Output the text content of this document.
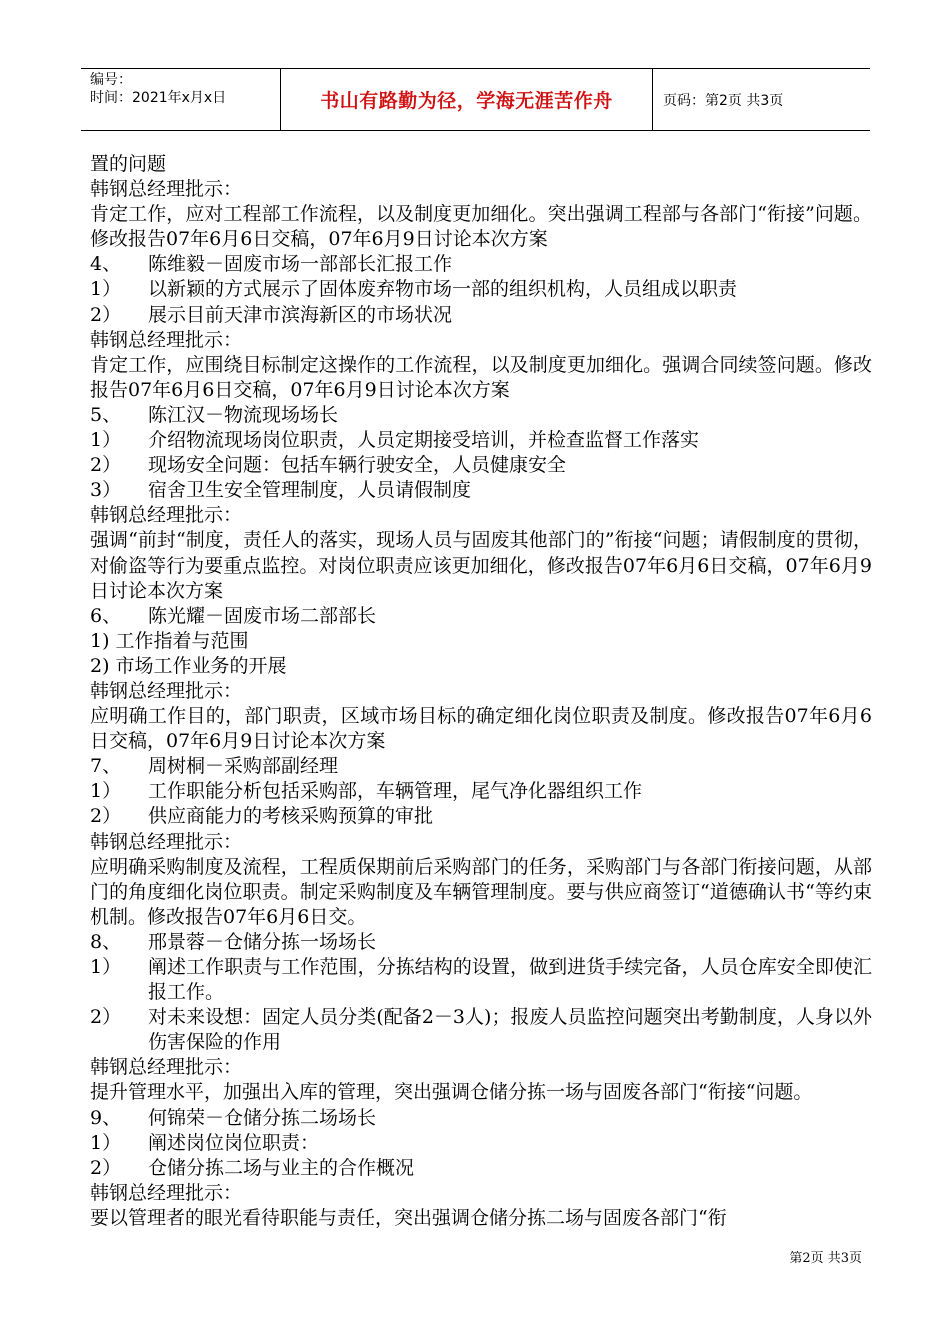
编号：
时间：2021年x月x日	书山有路勤为径，学海无涯苦作舟	页码：第2页 共3页
置的问题
韩钢总经理批示：
肯定工作，应对工程部工作流程，以及制度更加细化。突出强调工程部与各部门“衔接”问题。修改报告07年6月6日交稿，07年6月9日讨论本次方案
4、	陈维毅－固废市场一部部长汇报工作
1）	以新颖的方式展示了固体废弃物市场一部的组织机构，人员组成以职责
2）	展示目前天津市滨海新区的市场状况
韩钢总经理批示：
肯定工作，应围绕目标制定这操作的工作流程，以及制度更加细化。强调合同续签问题。修改报告07年6月6日交稿，07年6月9日讨论本次方案
5、	陈江汉－物流现场场长
1）	介绍物流现场岗位职责，人员定期接受培训，并检查监督工作落实
2）	现场安全问题：包括车辆行驶安全，人员健康安全
3）	宿舍卫生安全管理制度，人员请假制度
韩钢总经理批示：
强调“前封“制度，责任人的落实，现场人员与固废其他部门的”衔接“问题；请假制度的贯彻，对偷盗等行为要重点监控。对岗位职责应该更加细化，修改报告07年6月6日交稿，07年6月9日讨论本次方案
6、	陈光耀－固废市场二部部长
1) 工作指着与范围
2) 市场工作业务的开展
韩钢总经理批示：
应明确工作目的，部门职责，区域市场目标的确定细化岗位职责及制度。修改报告07年6月6日交稿，07年6月9日讨论本次方案
7、	周树桐－采购部副经理
1）	工作职能分析包括采购部，车辆管理，尾气净化器组织工作
2）	供应商能力的考核采购预算的审批
韩钢总经理批示：
应明确采购制度及流程，工程质保期前后采购部门的任务，采购部门与各部门衔接问题，从部门的角度细化岗位职责。制定采购制度及车辆管理制度。要与供应商签订“道德确认书“等约束机制。修改报告07年6月6日交。
8、	邢景蓉－仓储分拣一场场长
1）	阐述工作职责与工作范围，分拣结构的设置，做到进货手续完备，人员仓库安全即使汇报工作。
2）	对未来设想：固定人员分类(配备2－3人)；报废人员监控问题突出考勤制度，人身以外伤害保险的作用
韩钢总经理批示：
提升管理水平，加强出入库的管理，突出强调仓储分拣一场与固废各部门“衔接“问题。
9、	何锦荣－仓储分拣二场场长
1）	阐述岗位岗位职责：
2）	仓储分拣二场与业主的合作概况
韩钢总经理批示：
要以管理者的眼光看待职能与责任，突出强调仓储分拣二场与固废各部门“衔
第2页 共3页
